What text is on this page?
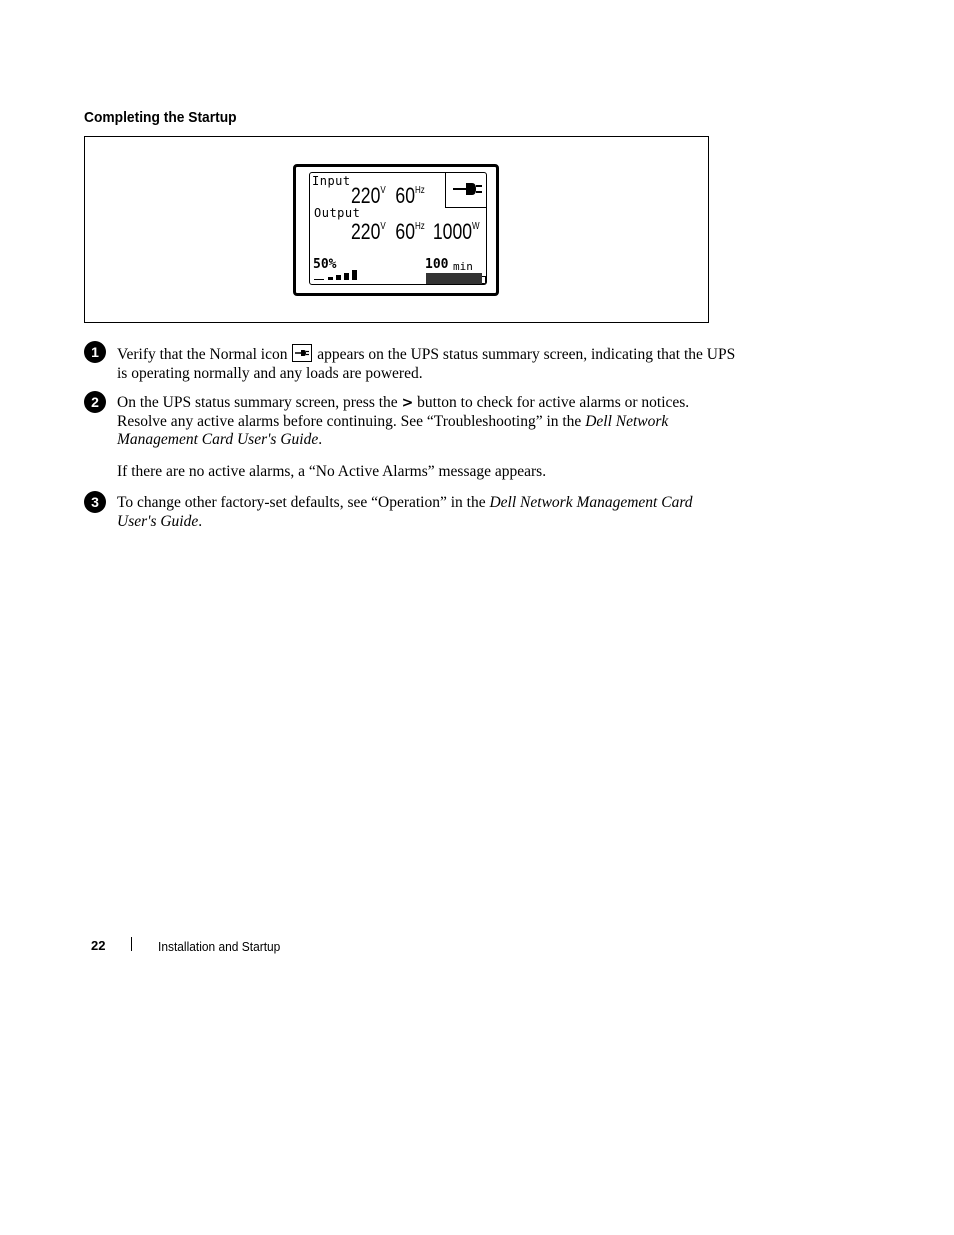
Completing the Startup
Input
$220^V$ $60^{Hz}$
Output
$220^V$ $60^{Hz}$ $1000^W$
50%	100 min
1	Verify that the Normal icon appears on the UPS status summary screen, indicating that the UPS is operating normally and any loads are powered.
2	On the UPS status summary screen, press the > button to check for active alarms or notices. Resolve any active alarms before continuing. See “Troubleshooting” in the Dell Network Management Card User's Guide.
If there are no active alarms, a “No Active Alarms” message appears.
3	To change other factory-set defaults, see “Operation” in the Dell Network Management Card User's Guide.
22	Installation and Startup
